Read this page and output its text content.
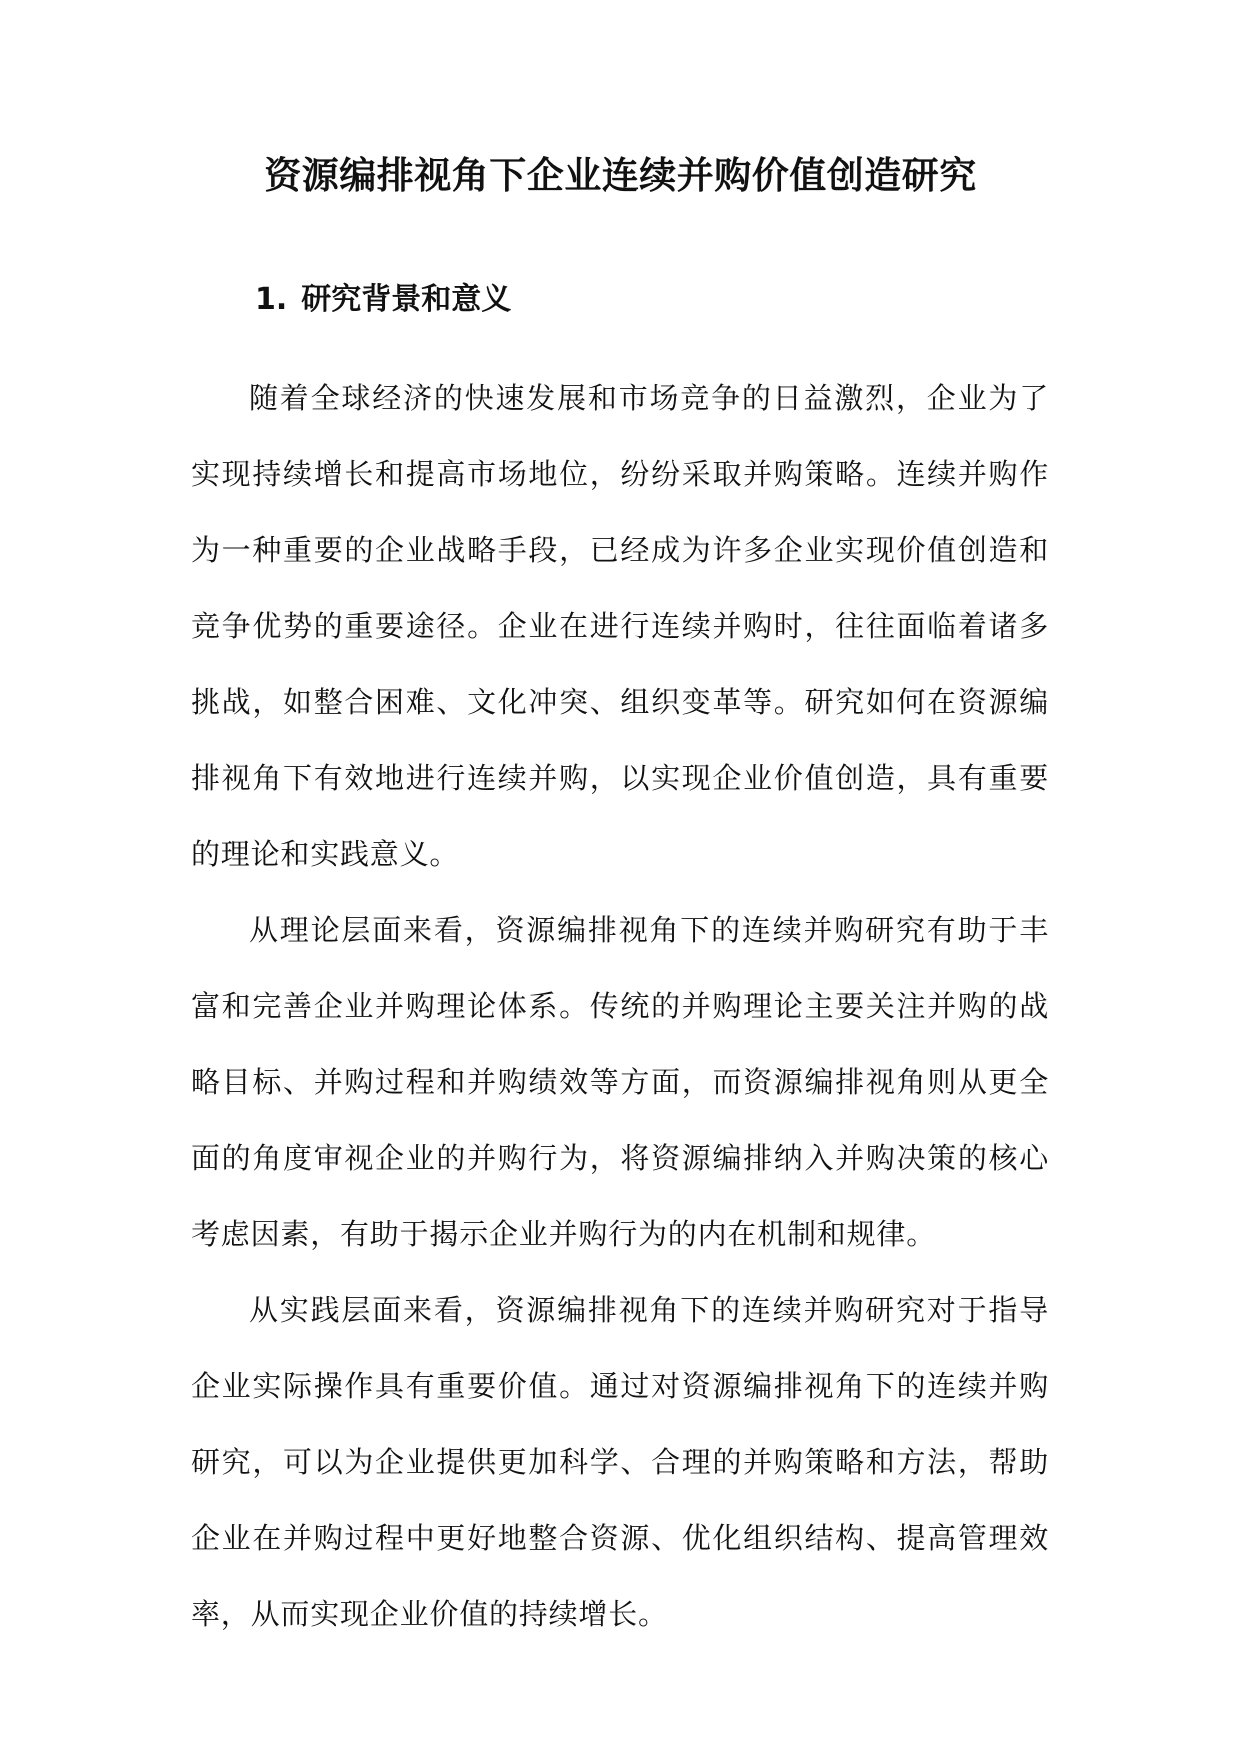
资源编排视角下企业连续并购价值创造研究
1. 研究背景和意义

随着全球经济的快速发展和市场竞争的日益激烈，企业为了实现持续增长和提高市场地位，纷纷采取并购策略。连续并购作为一种重要的企业战略手段，已经成为许多企业实现价值创造和竞争优势的重要途径。企业在进行连续并购时，往往面临着诸多挑战，如整合困难、文化冲突、组织变革等。研究如何在资源编排视角下有效地进行连续并购，以实现企业价值创造，具有重要的理论和实践意义。

从理论层面来看，资源编排视角下的连续并购研究有助于丰富和完善企业并购理论体系。传统的并购理论主要关注并购的战略目标、并购过程和并购绩效等方面，而资源编排视角则从更全面的角度审视企业的并购行为，将资源编排纳入并购决策的核心考虑因素，有助于揭示企业并购行为的内在机制和规律。

从实践层面来看，资源编排视角下的连续并购研究对于指导企业实际操作具有重要价值。通过对资源编排视角下的连续并购研究，可以为企业提供更加科学、合理的并购策略和方法，帮助企业在并购过程中更好地整合资源、优化组织结构、提高管理效率，从而实现企业价值的持续增长。
